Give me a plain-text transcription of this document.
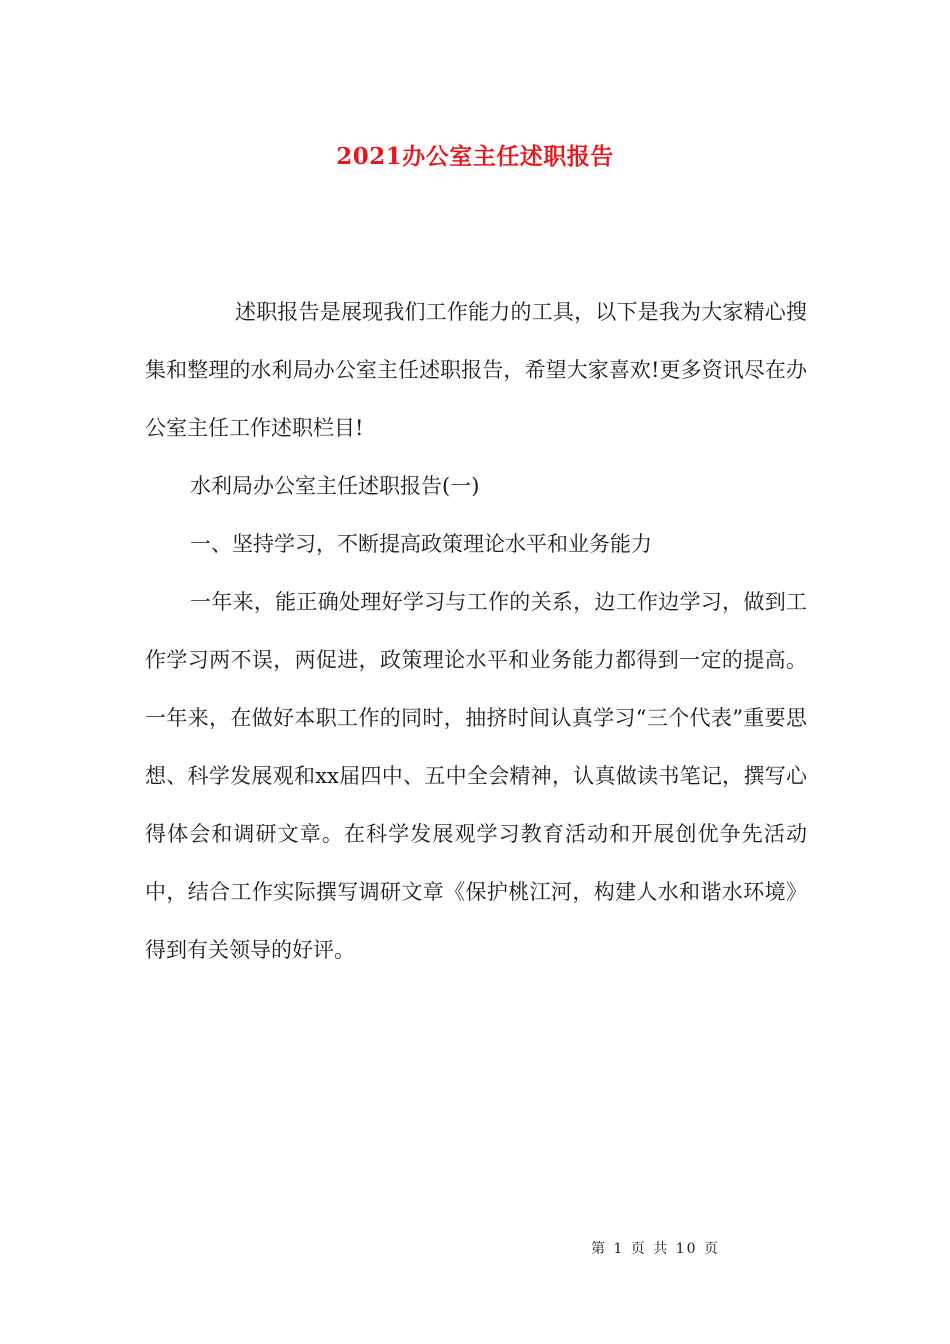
2021办公室主任述职报告

述职报告是展现我们工作能力的工具，以下是我为大家精心搜集和整理的水利局办公室主任述职报告，希望大家喜欢!更多资讯尽在办公室主任工作述职栏目!

水利局办公室主任述职报告(一)

一、坚持学习，不断提高政策理论水平和业务能力

一年来，能正确处理好学习与工作的关系，边工作边学习，做到工作学习两不误，两促进，政策理论水平和业务能力都得到一定的提高。一年来，在做好本职工作的同时，抽挤时间认真学习“三个代表”重要思想、科学发展观和xx届四中、五中全会精神，认真做读书笔记，撰写心得体会和调研文章。在科学发展观学习教育活动和开展创优争先活动中，结合工作实际撰写调研文章《保护桃江河，构建人水和谐水环境》得到有关领导的好评。

第 1 页 共 10 页
